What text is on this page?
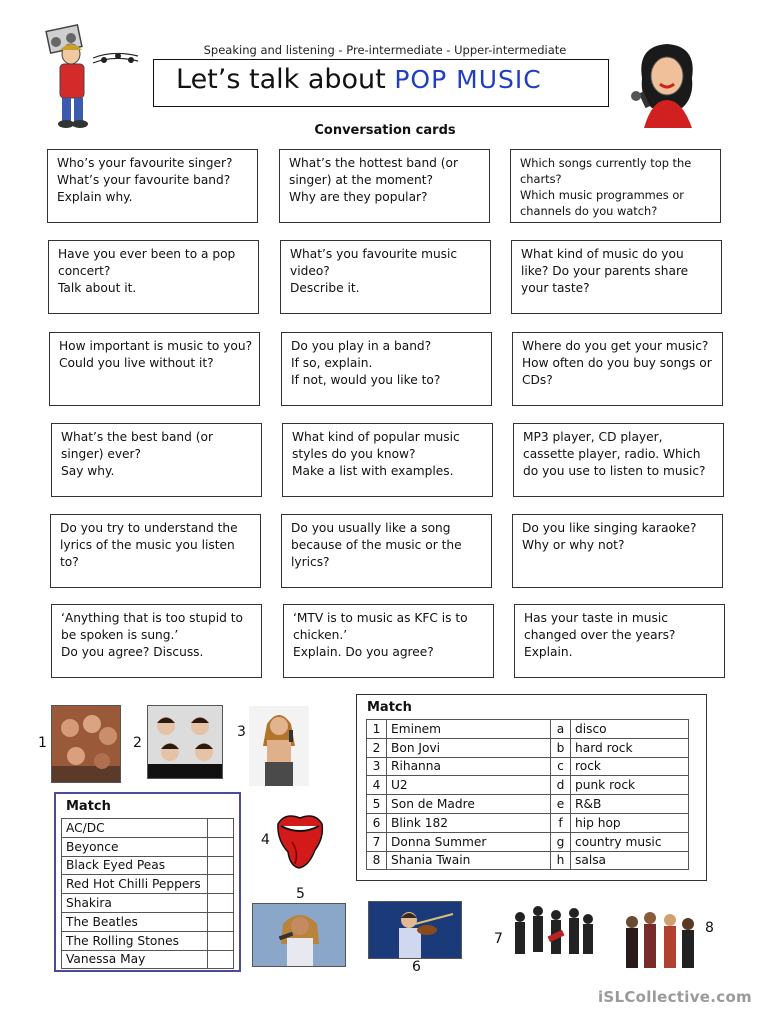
Speaking and listening - Pre-intermediate - Upper-intermediate
Let’s talk about POP MUSIC
Conversation cards
Who’s your favourite singer?
What’s your favourite band?
Explain why.
What’s the hottest band (or
singer) at the moment?
Why are they popular?
Which songs currently top the
charts?
Which music programmes or
channels do you watch?
Have you ever been to a pop
concert?
Talk about it.
What’s you favourite music
video?
Describe it.
What kind of music do you
like? Do your parents share
your taste?
How important is music to you?
Could you live without it?
Do you play in a band?
If so, explain.
If not, would you like to?
Where do you get your music?
How often do you buy songs or
CDs?
What’s the best band (or
singer) ever?
Say why.
What kind of popular music
styles do you know?
Make a list with examples.
MP3 player, CD player,
cassette player, radio. Which
do you use to listen to music?
Do you try to understand the
lyrics of the music you listen
to?
Do you usually like a song
because of the music or the
lyrics?
Do you like singing karaoke?
Why or why not?
‘Anything that is too stupid to
be spoken is sung.’
Do you agree? Discuss.
‘MTV is to music as KFC is to
chicken.’
Explain. Do you agree?
Has your taste in music
changed over the years?
Explain.
1	2
3
4
Match
1	Eminem	a	disco
2	Bon Jovi	b	hard rock
3	Rihanna	c	rock
4	U2	d	punk rock
5	Son de Madre	e	R&B
6	Blink 182	f	hip hop
7	Donna Summer	g	country music
8	Shania Twain	h	salsa
Match
AC/DC	
Beyonce	
Black Eyed Peas	
Red Hot Chilli Peppers	
Shakira	
The Beatles	
The Rolling Stones	
Vanessa May	
5
6
7
8
iSLCollective.com
